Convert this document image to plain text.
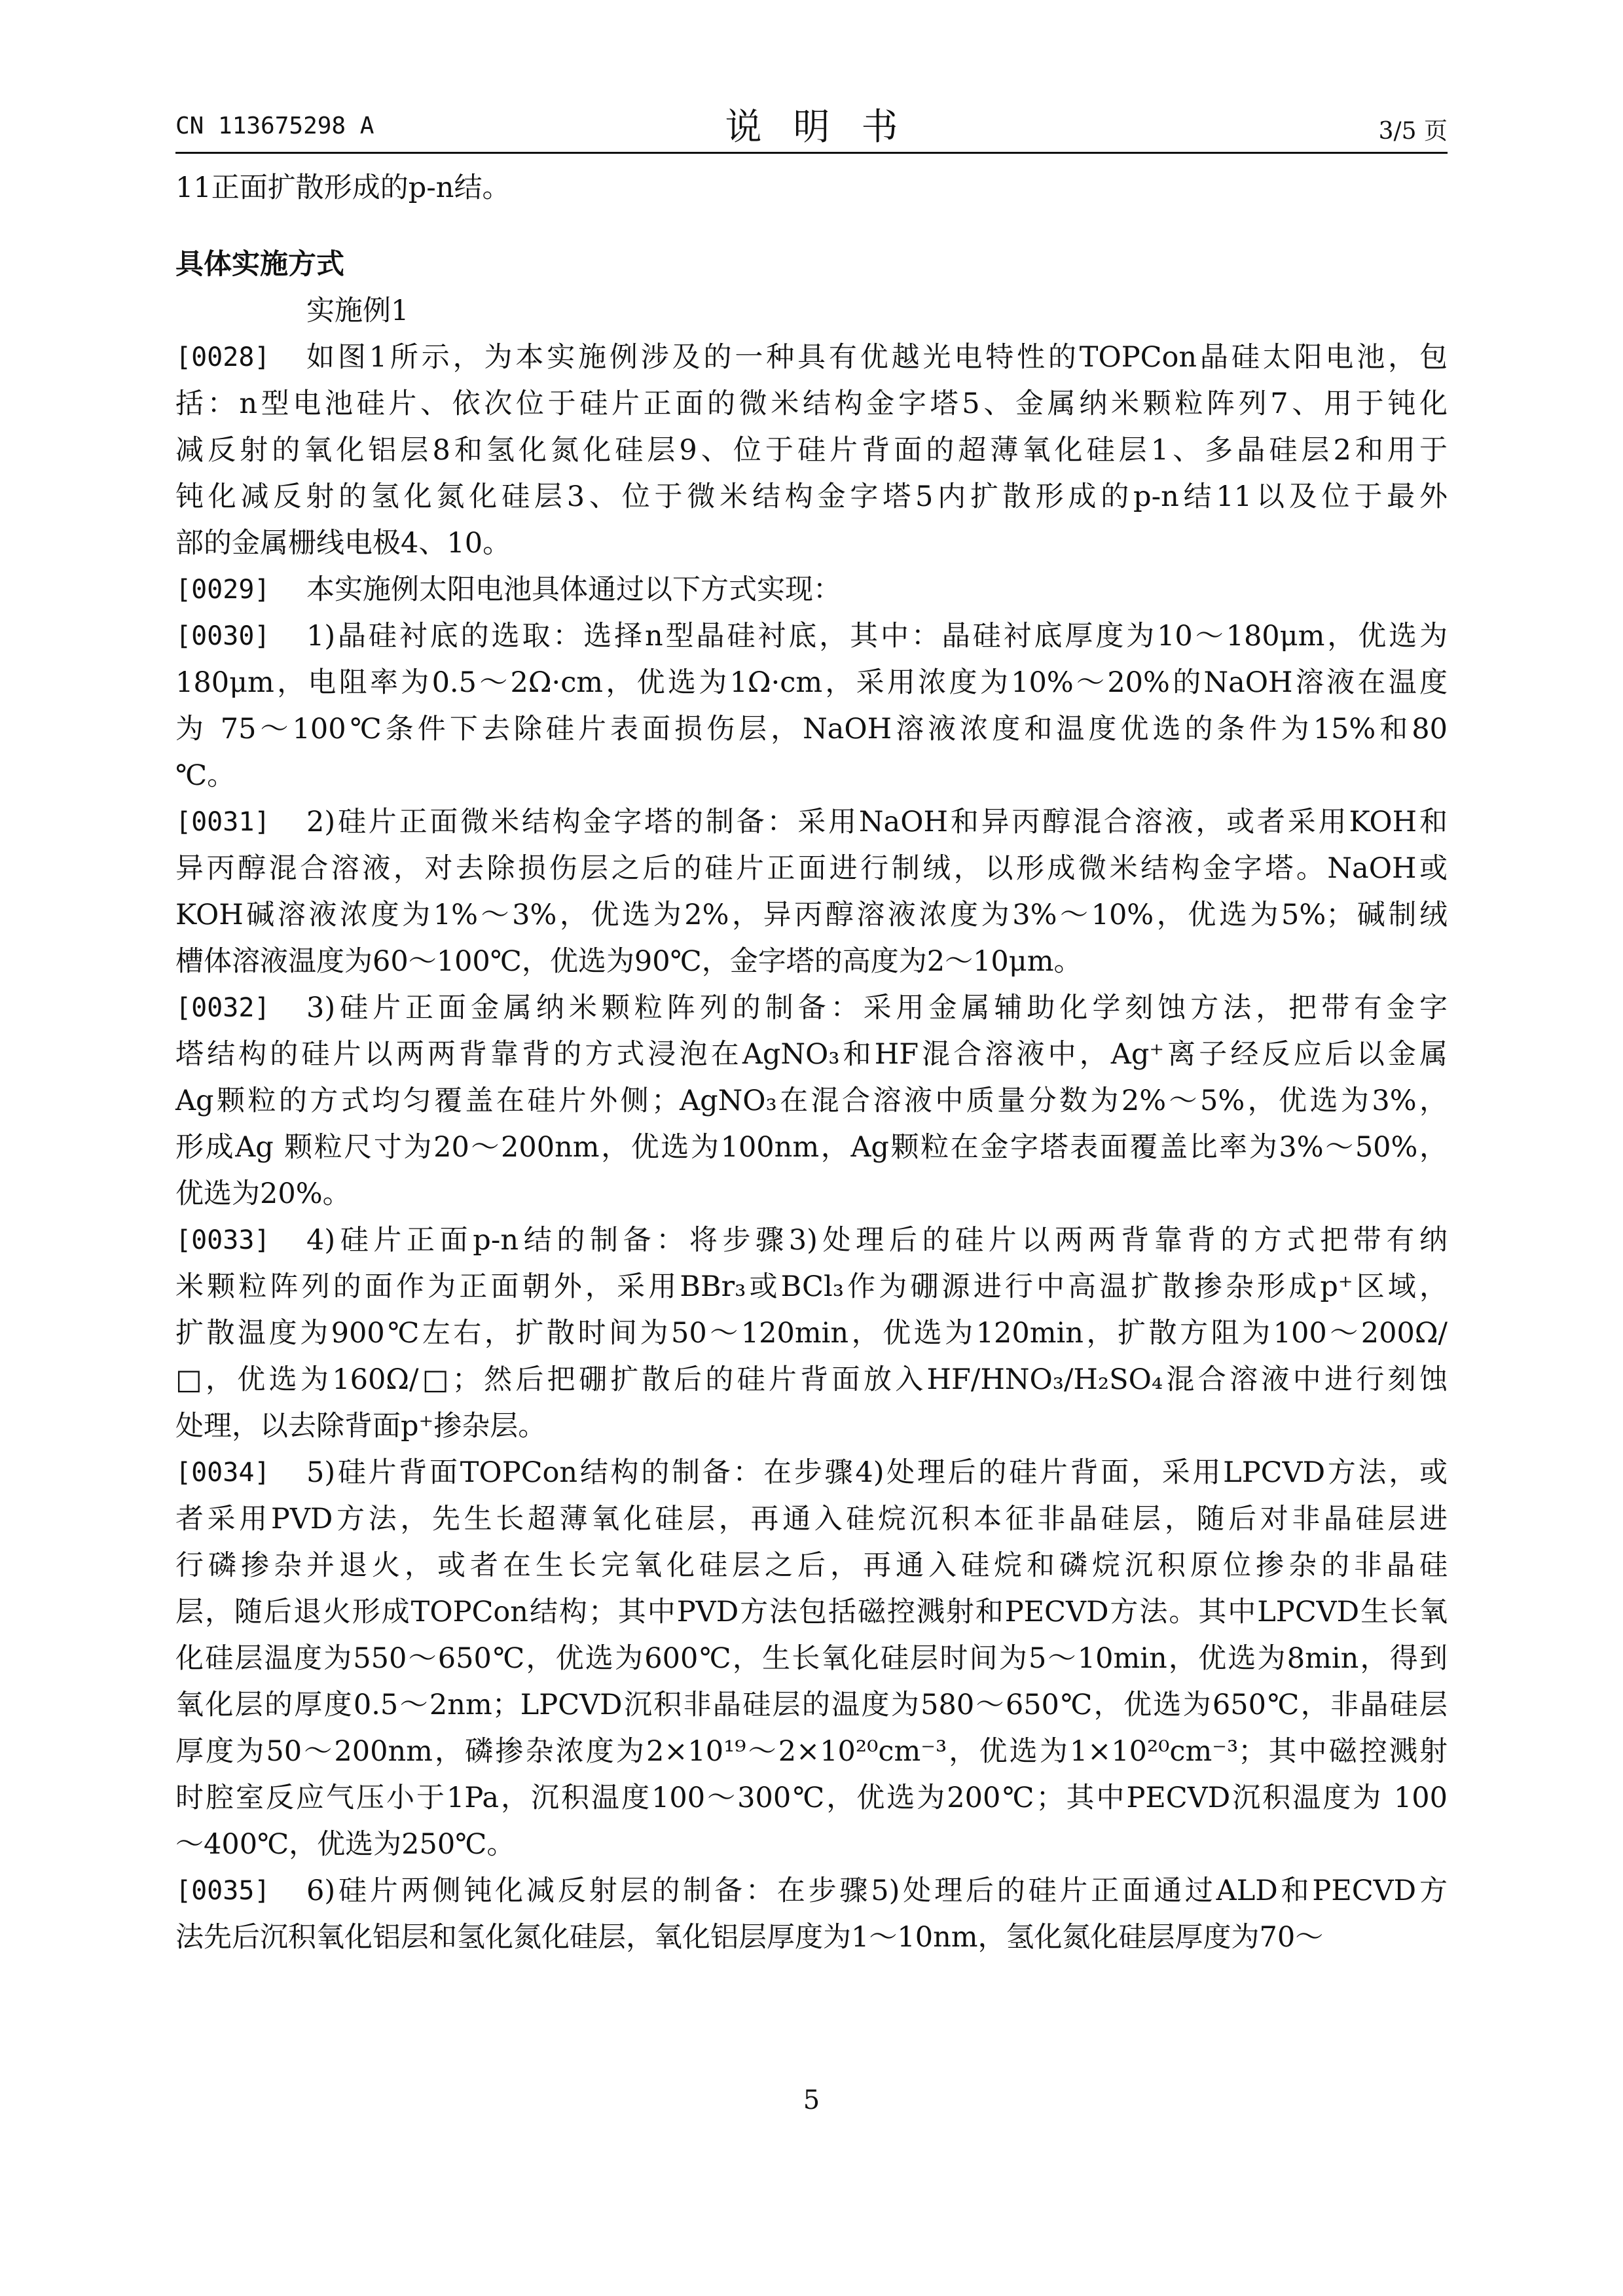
CN 113675298 A	说明书	3/5 页
11正面扩散形成的p-n结。
具体实施方式
实施例1
[0028]	如图1所示，为本实施例涉及的一种具有优越光电特性的TOPCon晶硅太阳电池，包
括：n型电池硅片、依次位于硅片正面的微米结构金字塔5、金属纳米颗粒阵列7、用于钝化
减反射的氧化铝层8和氢化氮化硅层9、位于硅片背面的超薄氧化硅层1、多晶硅层2和用于
钝化减反射的氢化氮化硅层3、位于微米结构金字塔5内扩散形成的p-n结11以及位于最外
部的金属栅线电极4、10。
[0029]	本实施例太阳电池具体通过以下方式实现：
[0030]	1)晶硅衬底的选取：选择n型晶硅衬底，其中：晶硅衬底厚度为10～180μm，优选为
180μm，电阻率为0.5～2Ω·cm，优选为1Ω·cm，采用浓度为10%～20%的NaOH溶液在温度
为 75～100℃条件下去除硅片表面损伤层，NaOH溶液浓度和温度优选的条件为15%和80
℃。
[0031]	2)硅片正面微米结构金字塔的制备：采用NaOH和异丙醇混合溶液，或者采用KOH和
异丙醇混合溶液，对去除损伤层之后的硅片正面进行制绒，以形成微米结构金字塔。NaOH或
KOH碱溶液浓度为1%～3%，优选为2%，异丙醇溶液浓度为3%～10%，优选为5%；碱制绒
槽体溶液温度为60～100℃，优选为90℃，金字塔的高度为2～10μm。
[0032]	3)硅片正面金属纳米颗粒阵列的制备：采用金属辅助化学刻蚀方法，把带有金字
塔结构的硅片以两两背靠背的方式浸泡在AgNO₃和HF混合溶液中，Ag⁺离子经反应后以金属
Ag颗粒的方式均匀覆盖在硅片外侧；AgNO₃在混合溶液中质量分数为2%～5%，优选为3%，
形成Ag 颗粒尺寸为20～200nm，优选为100nm，Ag颗粒在金字塔表面覆盖比率为3%～50%，
优选为20%。
[0033]	4)硅片正面p-n结的制备：将步骤3)处理后的硅片以两两背靠背的方式把带有纳
米颗粒阵列的面作为正面朝外，采用BBr₃或BCl₃作为硼源进行中高温扩散掺杂形成p⁺区域，
扩散温度为900℃左右，扩散时间为50～120min，优选为120min，扩散方阻为100～200Ω/
□，优选为160Ω/□；然后把硼扩散后的硅片背面放入HF/HNO₃/H₂SO₄混合溶液中进行刻蚀
处理，以去除背面p⁺掺杂层。
[0034]	5)硅片背面TOPCon结构的制备：在步骤4)处理后的硅片背面，采用LPCVD方法，或
者采用PVD方法，先生长超薄氧化硅层，再通入硅烷沉积本征非晶硅层，随后对非晶硅层进
行磷掺杂并退火，或者在生长完氧化硅层之后，再通入硅烷和磷烷沉积原位掺杂的非晶硅
层，随后退火形成TOPCon结构；其中PVD方法包括磁控溅射和PECVD方法。其中LPCVD生长氧
化硅层温度为550～650℃，优选为600℃，生长氧化硅层时间为5～10min，优选为8min，得到
氧化层的厚度0.5～2nm；LPCVD沉积非晶硅层的温度为580～650℃，优选为650℃，非晶硅层
厚度为50～200nm，磷掺杂浓度为2×10¹⁹～2×10²⁰cm⁻³，优选为1×10²⁰cm⁻³；其中磁控溅射
时腔室反应气压小于1Pa，沉积温度100～300℃，优选为200℃；其中PECVD沉积温度为 100
～400℃，优选为250℃。
[0035]	6)硅片两侧钝化减反射层的制备：在步骤5)处理后的硅片正面通过ALD和PECVD方
法先后沉积氧化铝层和氢化氮化硅层，氧化铝层厚度为1～10nm，氢化氮化硅层厚度为70～
5
